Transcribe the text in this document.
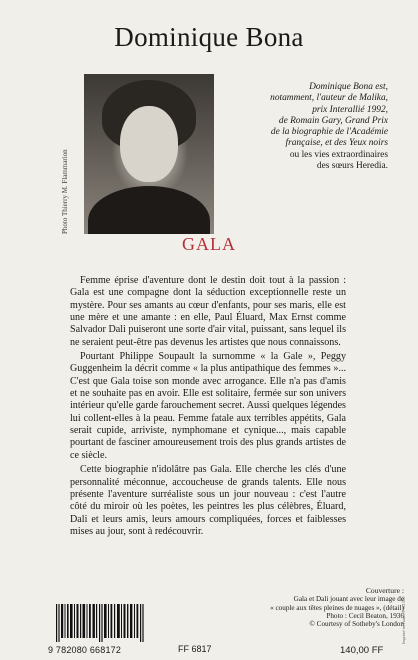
Dominique Bona
Photo Thierry M. Flammarion
Dominique Bona est,
notamment, l'auteur de Malika,
prix Interallié 1992,
de Romain Gary, Grand Prix
de la biographie de l'Académie
française, et des Yeux noirs
ou les vies extraordinaires
des sœurs Heredia.
GALA

Femme éprise d'aventure dont le destin doit tout à la passion : Gala est une compagne dont la séduction exceptionnelle reste un mystère. Pour ses amants au cœur d'enfants, pour ses maris, elle est une mère et une amante : en elle, Paul Éluard, Max Ernst comme Salvador Dali puiseront une sorte d'air vital, puissant, sans lequel ils ne seraient peut-être pas devenus les artistes que nous connaissons.

Pourtant Philippe Soupault la surnomme « la Gale », Peggy Guggenheim la décrit comme « la plus antipathique des femmes »... C'est que Gala toise son monde avec arrogance. Elle n'a pas d'amis et ne souhaite pas en avoir. Elle est solitaire, fermée sur son univers intérieur qu'elle garde farouchement secret. Aussi quelques légendes lui collent-elles à la peau. Femme fatale aux terribles appétits, Gala serait cupide, arriviste, nymphomane et cynique..., mais capable pourtant de fasciner amoureusement trois des plus grands artistes de ce siècle.

Cette biographie n'idolâtre pas Gala. Elle cherche les clés d'une personnalité méconnue, accoucheuse de grands talents. Elle nous présente l'aventure surréaliste sous un jour nouveau : c'est l'autre côté du miroir où les poètes, les peintres les plus célèbres, Éluard, Dali et leurs amis, leurs amours compliquées, forces et faiblesses mises au jour, sont à redécouvrir.

Couverture :
Gala et Dali jouant avec leur image de
« couple aux têtes pleines de nuages », (détail)
Photo : Cecil Beaton, 1936
© Courtesy of Sotheby's London
9 782080 668172	FF 6817	140,00 FF
Imprimé en France 9 782 080
